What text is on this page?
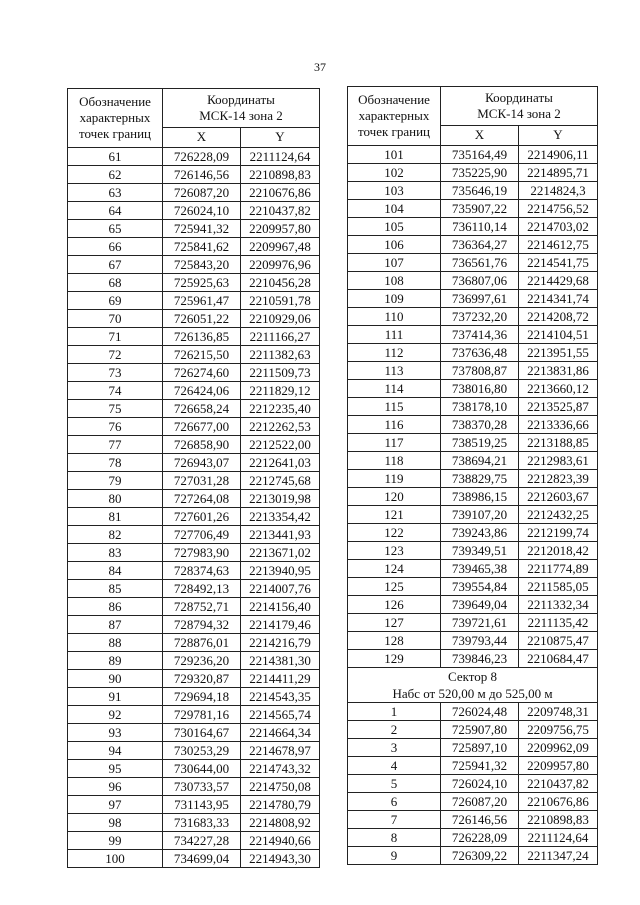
37
Обозначение характерных точек границ	Координаты
МСК-14 зона 2	
	X	Y
61	726228,09	2211124,64
62	726146,56	2210898,83
63	726087,20	2210676,86
64	726024,10	2210437,82
65	725941,32	2209957,80
66	725841,62	2209967,48
67	725843,20	2209976,96
68	725925,63	2210456,28
69	725961,47	2210591,78
70	726051,22	2210929,06
71	726136,85	2211166,27
72	726215,50	2211382,63
73	726274,60	2211509,73
74	726424,06	2211829,12
75	726658,24	2212235,40
76	726677,00	2212262,53
77	726858,90	2212522,00
78	726943,07	2212641,03
79	727031,28	2212745,68
80	727264,08	2213019,98
81	727601,26	2213354,42
82	727706,49	2213441,93
83	727983,90	2213671,02
84	728374,63	2213940,95
85	728492,13	2214007,76
86	728752,71	2214156,40
87	728794,32	2214179,46
88	728876,01	2214216,79
89	729236,20	2214381,30
90	729320,87	2214411,29
91	729694,18	2214543,35
92	729781,16	2214565,74
93	730164,67	2214664,34
94	730253,29	2214678,97
95	730644,00	2214743,32
96	730733,57	2214750,08
97	731143,95	2214780,79
98	731683,33	2214808,92
99	734227,28	2214940,66
100	734699,04	2214943,30
Обозначение характерных точек границ	Координаты
МСК-14 зона 2	
	X	Y
101	735164,49	2214906,11
102	735225,90	2214895,71
103	735646,19	2214824,3
104	735907,22	2214756,52
105	736110,14	2214703,02
106	736364,27	2214612,75
107	736561,76	2214541,75
108	736807,06	2214429,68
109	736997,61	2214341,74
110	737232,20	2214208,72
111	737414,36	2214104,51
112	737636,48	2213951,55
113	737808,87	2213831,86
114	738016,80	2213660,12
115	738178,10	2213525,87
116	738370,28	2213336,66
117	738519,25	2213188,85
118	738694,21	2212983,61
119	738829,75	2212823,39
120	738986,15	2212603,67
121	739107,20	2212432,25
122	739243,86	2212199,74
123	739349,51	2212018,42
124	739465,38	2211774,89
125	739554,84	2211585,05
126	739649,04	2211332,34
127	739721,61	2211135,42
128	739793,44	2210875,47
129	739846,23	2210684,47
Сектор 8		
Набс от 520,00 м до 525,00 м		
1	726024,48	2209748,31
2	725907,80	2209756,75
3	725897,10	2209962,09
4	725941,32	2209957,80
5	726024,10	2210437,82
6	726087,20	2210676,86
7	726146,56	2210898,83
8	726228,09	2211124,64
9	726309,22	2211347,24
